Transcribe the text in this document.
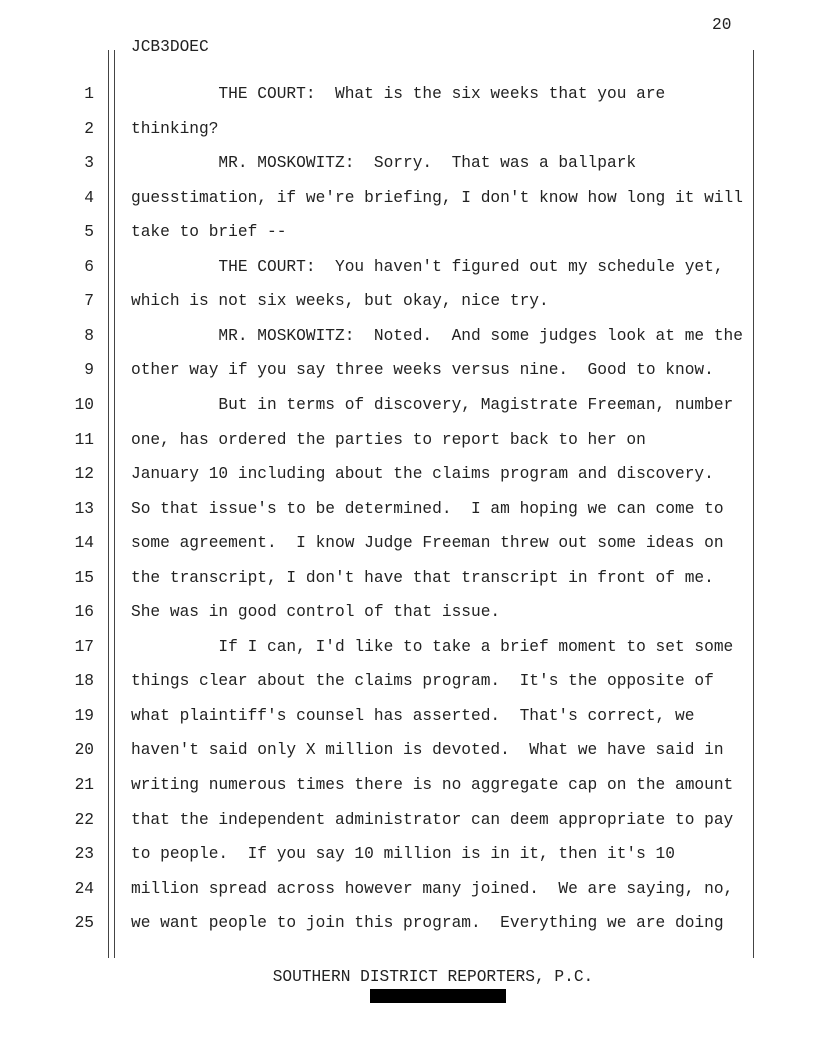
20
JCB3DOEC
1 THE COURT:  What is the six weeks that you are
2 thinking?
3 MR. MOSKOWITZ:  Sorry.  That was a ballpark
4 guesstimation, if we're briefing, I don't know how long it will
5 take to brief --
6 THE COURT:  You haven't figured out my schedule yet,
7 which is not six weeks, but okay, nice try.
8 MR. MOSKOWITZ:  Noted.  And some judges look at me the
9 other way if you say three weeks versus nine.  Good to know.
10 But in terms of discovery, Magistrate Freeman, number
11 one, has ordered the parties to report back to her on
12 January 10 including about the claims program and discovery.
13 So that issue's to be determined.  I am hoping we can come to
14 some agreement.  I know Judge Freeman threw out some ideas on
15 the transcript, I don't have that transcript in front of me.
16 She was in good control of that issue.
17 If I can, I'd like to take a brief moment to set some
18 things clear about the claims program.  It's the opposite of
19 what plaintiff's counsel has asserted.  That's correct, we
20 haven't said only X million is devoted.  What we have said in
21 writing numerous times there is no aggregate cap on the amount
22 that the independent administrator can deem appropriate to pay
23 to people.  If you say 10 million is in it, then it's 10
24 million spread across however many joined.  We are saying, no,
25 we want people to join this program.  Everything we are doing
SOUTHERN DISTRICT REPORTERS, P.C.
